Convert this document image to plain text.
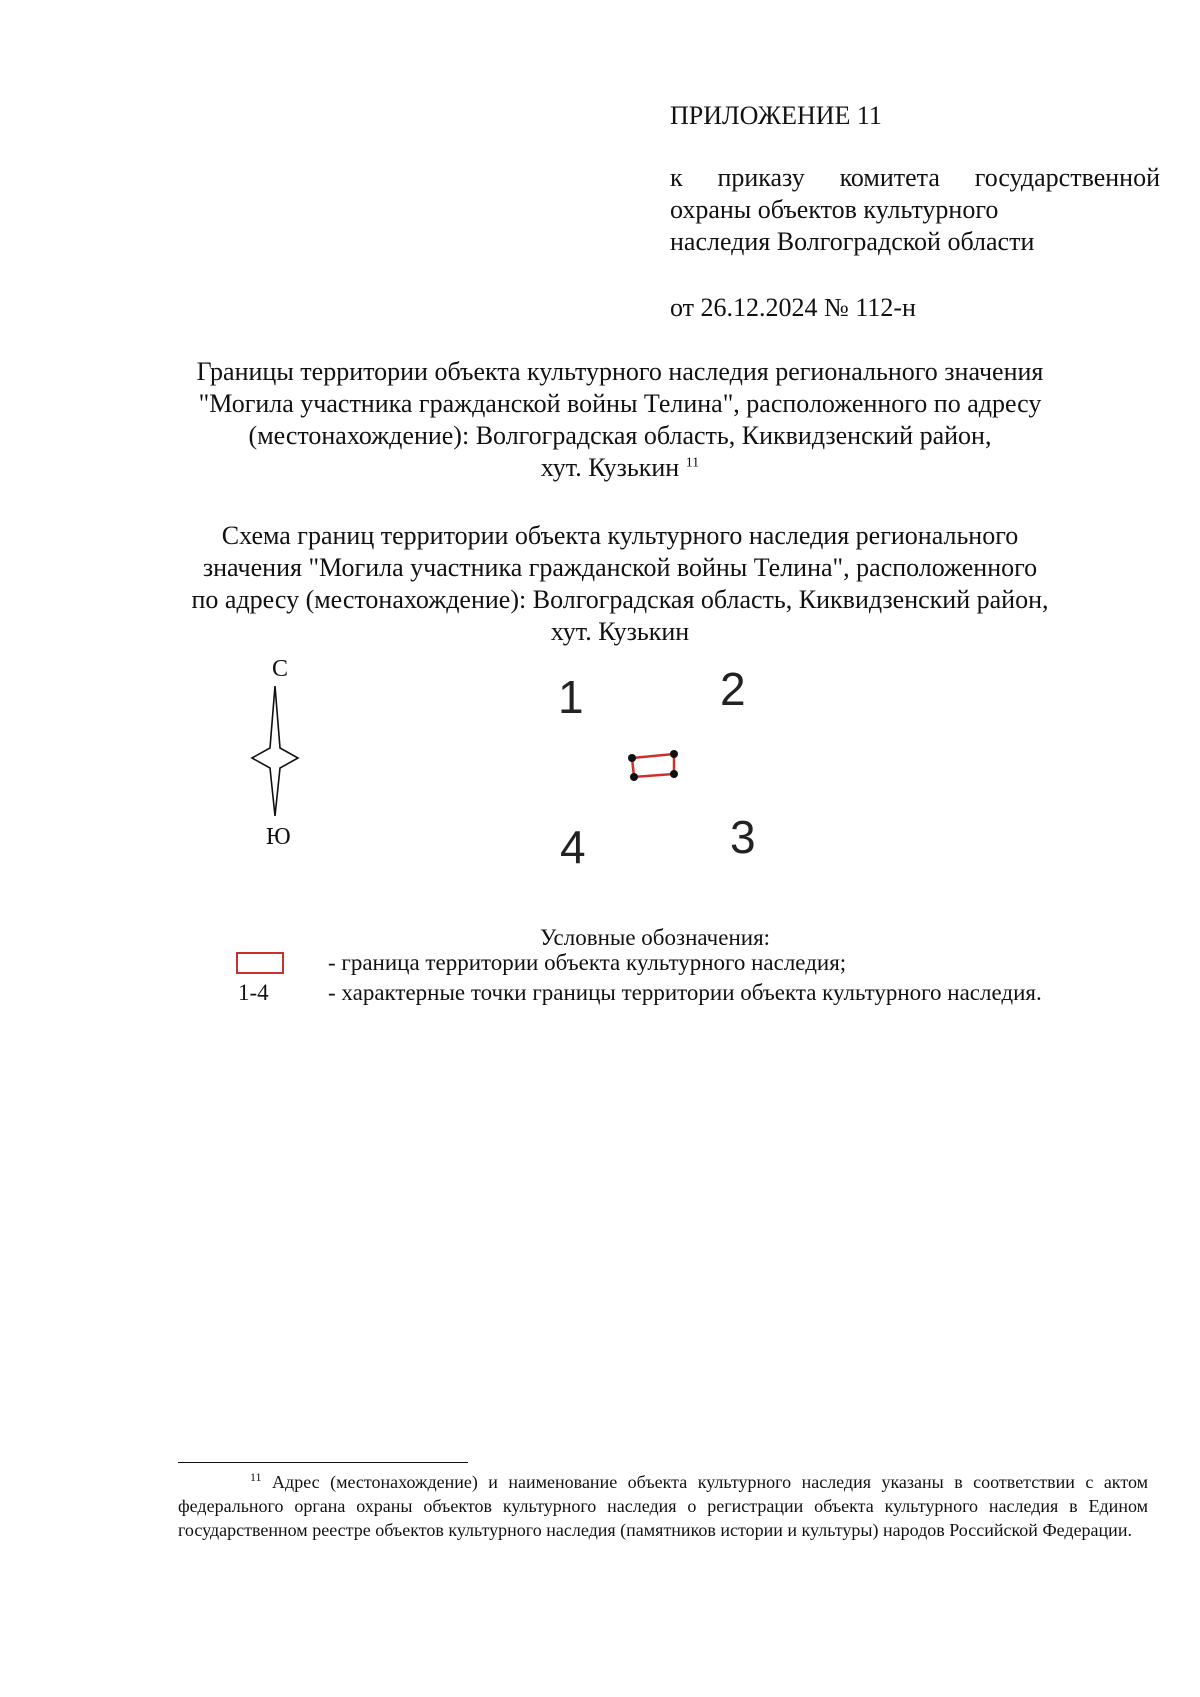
ПРИЛОЖЕНИЕ 11

к приказу комитета государственной
охраны объектов культурного
наследия Волгоградской области

от 26.12.2024 № 112-н

Границы территории объекта культурного наследия регионального значения
"Могила участника гражданской войны Телина", расположенного по адресу
(местонахождение): Волгоградская область, Киквидзенский район,
хут. Кузькин $^{11}$
Схема границ территории объекта культурного наследия регионального
значения "Могила участника гражданской войны Телина", расположенного
по адресу (местонахождение): Волгоградская область, Киквидзенский район,
хут. Кузькин
С
Ю
1	2
3
4
Условные обозначения:
- граница территории объекта культурного наследия;
1-4	- характерные точки границы территории объекта культурного наследия.
$^{11}$ Адрес (местонахождение) и наименование объекта культурного наследия указаны в соответствии с актом федерального органа охраны объектов культурного наследия о регистрации объекта культурного наследия в Едином государственном реестре объектов культурного наследия (памятников истории и культуры) народов Российской Федерации.
